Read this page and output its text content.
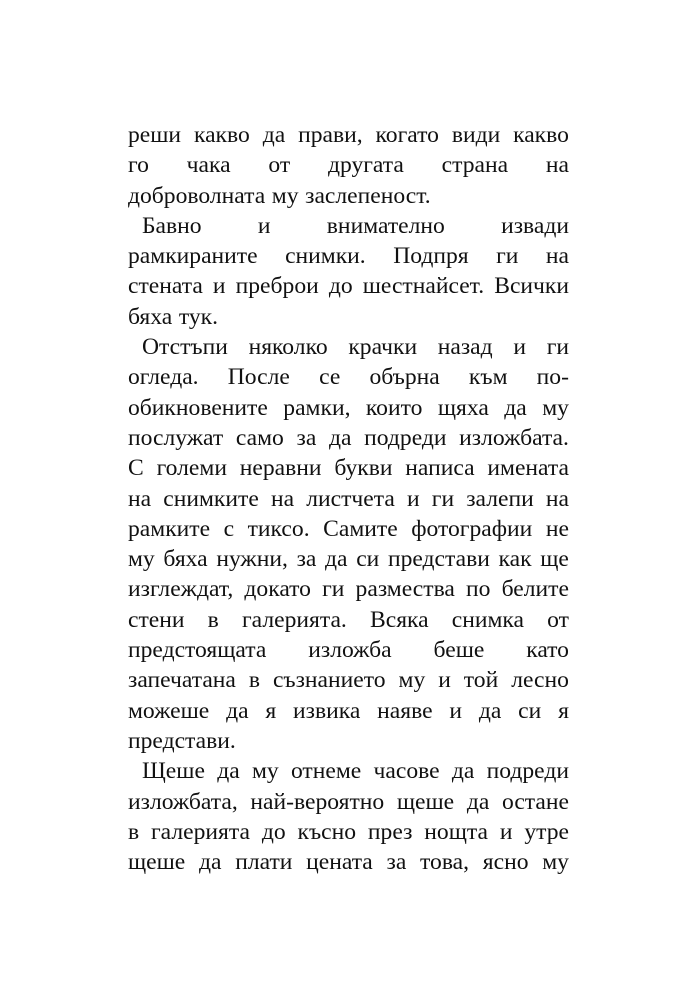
реши какво да прави, когато види какво
го чака от другата страна на
доброволната му заслепеност.
Бавно и внимателно извади
рамкираните снимки. Подпря ги на
стената и преброи до шестнайсет. Всички
бяха тук.
Отстъпи няколко крачки назад и ги
огледа. После се обърна към по-
обикновените рамки, които щяха да му
послужат само за да подреди изложбата.
С големи неравни букви написа имената
на снимките на листчета и ги залепи на
рамките с тиксо. Самите фотографии не
му бяха нужни, за да си представи как ще
изглеждат, докато ги размества по белите
стени в галерията. Всяка снимка от
предстоящата изложба беше като
запечатана в съзнанието му и той лесно
можеше да я извика наяве и да си я
представи.
Щеше да му отнеме часове да подреди
изложбата, най-вероятно щеше да остане
в галерията до късно през нощта и утре
щеше да плати цената за това, ясно му
